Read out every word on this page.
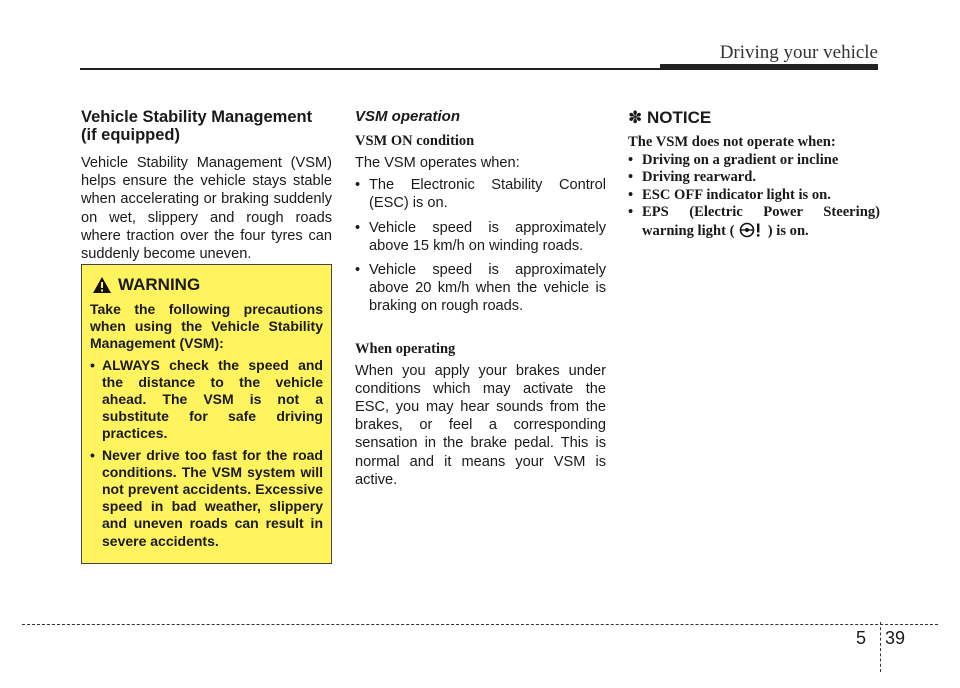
Driving your vehicle
Vehicle Stability Management (if equipped)

Vehicle Stability Management (VSM) helps ensure the vehicle stays stable when accelerating or braking suddenly on wet, slippery and rough roads where traction over the four tyres can suddenly become uneven.

WARNING

Take the following precautions when using the Vehicle Stability Management (VSM):

• ALWAYS check the speed and the distance to the vehicle ahead. The VSM is not a substitute for safe driving practices.
• Never drive too fast for the road conditions. The VSM system will not prevent accidents. Excessive speed in bad weather, slippery and uneven roads can result in severe accidents.
VSM operation
VSM ON condition

The VSM operates when:

• The Electronic Stability Control (ESC) is on.
• Vehicle speed is approximately above 15 km/h on winding roads.
• Vehicle speed is approximately above 20 km/h when the vehicle is braking on rough roads.
When operating

When you apply your brakes under conditions which may activate the ESC, you may hear sounds from the brakes, or feel a corresponding sensation in the brake pedal. This is normal and it means your VSM is active.

✽ NOTICE

The VSM does not operate when:

• Driving on a gradient or incline
• Driving rearward.
• ESC OFF indicator light is on.
• EPS (Electric Power Steering) warning light ( ) is on.
5 39
